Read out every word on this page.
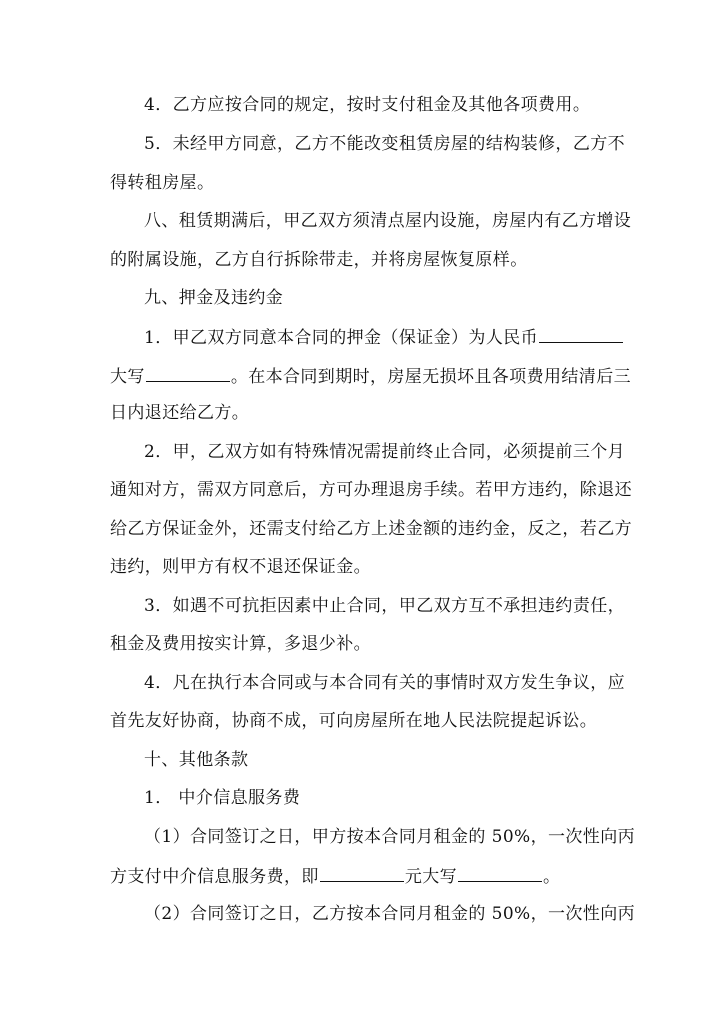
4．乙方应按合同的规定，按时支付租金及其他各项费用。
5．未经甲方同意，乙方不能改变租赁房屋的结构装修，乙方不
得转租房屋。
八、租赁期满后，甲乙双方须清点屋内设施，房屋内有乙方增设
的附属设施，乙方自行拆除带走，并将房屋恢复原样。
九、押金及违约金
1．甲乙双方同意本合同的押金（保证金）为人民币
大写	。在本合同到期时，房屋无损坏且各项费用结清后三
日内退还给乙方。
2．甲，乙双方如有特殊情况需提前终止合同，必须提前三个月
通知对方，需双方同意后，方可办理退房手续。若甲方违约，除退还
给乙方保证金外，还需支付给乙方上述金额的违约金，反之，若乙方
违约，则甲方有权不退还保证金。
3．如遇不可抗拒因素中止合同，甲乙双方互不承担违约责任，
租金及费用按实计算，多退少补。
4．凡在执行本合同或与本合同有关的事情时双方发生争议，应
首先友好协商，协商不成，可向房屋所在地人民法院提起诉讼。
十、其他条款
1． 中介信息服务费
（1）合同签订之日，甲方按本合同月租金的 50%，一次性向丙
方支付中介信息服务费，即	元大写	。
（2）合同签订之日，乙方按本合同月租金的 50%，一次性向丙
